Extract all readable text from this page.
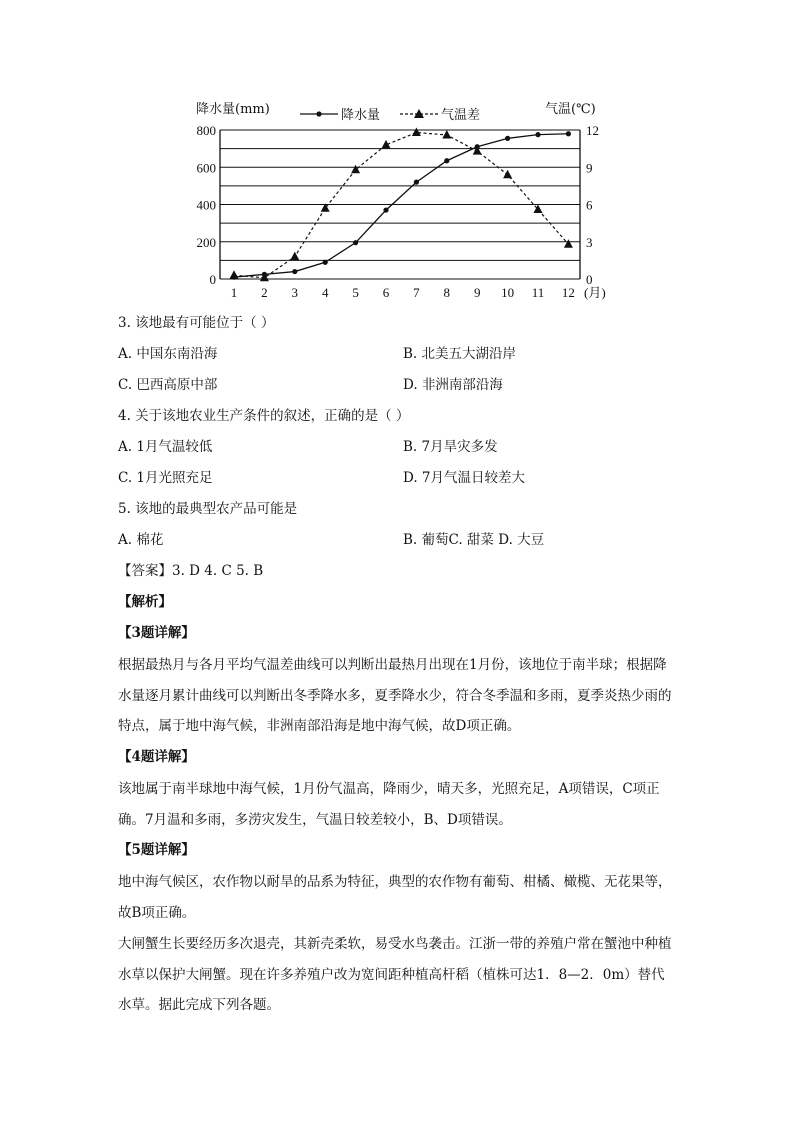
降水量	气温差
降水量(mm)	气温(℃)
0
200
400
600
800
0
3
6
9
12
1 2 3 4 5 6 7 8 9 10 11 12 (月)
3. 该地最有可能位于（ ）
A. 中国东南沿海	B. 北美五大湖沿岸
C. 巴西高原中部	D. 非洲南部沿海
4. 关于该地农业生产条件的叙述，正确的是（ ）
A. 1月气温较低	B. 7月旱灾多发
C. 1月光照充足	D. 7月气温日较差大
5. 该地的最典型农产品可能是
A. 棉花	B. 葡萄C. 甜菜 D. 大豆
【答案】3. D 4. C 5. B
【解析】
【3题详解】
根据最热月与各月平均气温差曲线可以判断出最热月出现在1月份，该地位于南半球；根据降水量逐月累计曲线可以判断出冬季降水多，夏季降水少，符合冬季温和多雨，夏季炎热少雨的特点，属于地中海气候，非洲南部沿海是地中海气候，故D项正确。
【4题详解】
该地属于南半球地中海气候，1月份气温高，降雨少，晴天多，光照充足，A项错误，C项正确。7月温和多雨，多涝灾发生，气温日较差较小，B、D项错误。
【5题详解】
地中海气候区，农作物以耐旱的品系为特征，典型的农作物有葡萄、柑橘、橄榄、无花果等，故B项正确。
大闸蟹生长要经历多次退壳，其新壳柔软，易受水鸟袭击。江浙一带的养殖户常在蟹池中种植水草以保护大闸蟹。现在许多养殖户改为宽间距种植高杆稻（植株可达1．8—2．0m）替代水草。据此完成下列各题。
